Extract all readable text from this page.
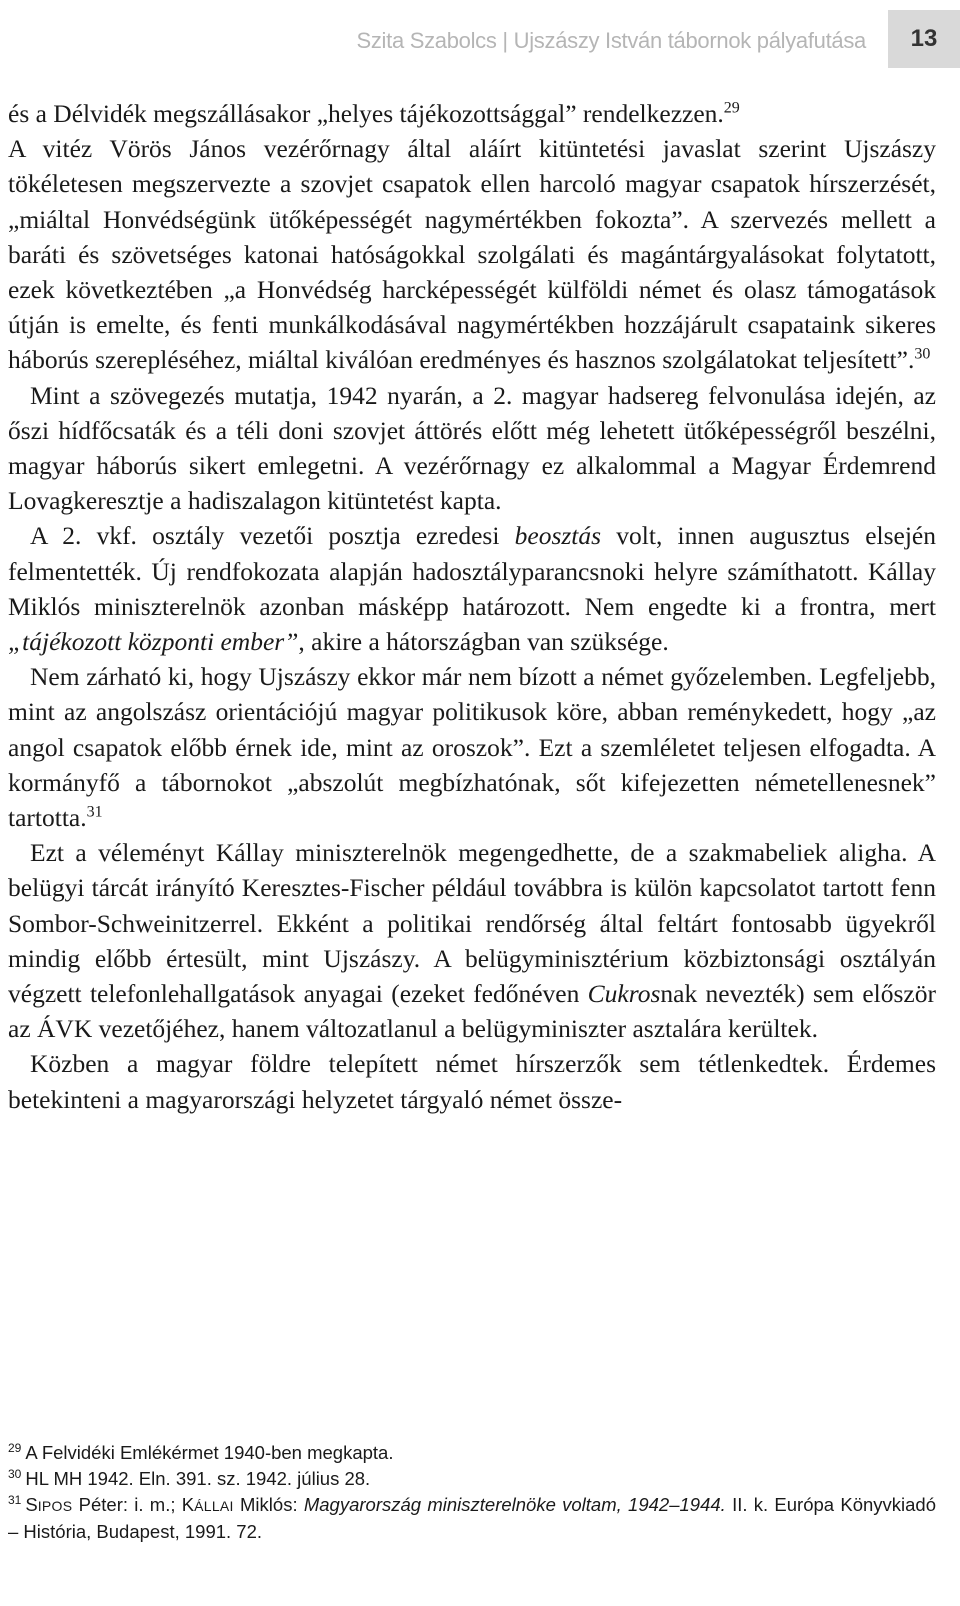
Szita Szabolcs | Ujszászy István tábornok pályafutása	13

és a Délvidék megszállásakor „helyes tájékozottsággal” rendelkezzen.$^{29}$
A vitéz Vörös János vezérőrnagy által aláírt kitüntetési javaslat szerint Ujszászy tökéletesen megszervezte a szovjet csapatok ellen harcoló magyar csapatok hírszerzését, „miáltal Honvédségünk ütőképességét nagymértékben fokozta”. A szervezés mellett a baráti és szövetséges katonai hatóságokkal szolgálati és magántárgyalásokat folytatott, ezek következtében „a Honvédség harcképességét külföldi német és olasz támogatások útján is emelte, és fenti munkálkodásával nagymértékben hozzájárult csapataink sikeres háborús szerepléséhez, miáltal kiválóan eredményes és hasznos szolgálatokat teljesített”.$^{30}$

Mint a szövegezés mutatja, 1942 nyarán, a 2. magyar hadsereg felvonulása idején, az őszi hídfőcsaták és a téli doni szovjet áttörés előtt még lehetett ütőképességről beszélni, magyar háborús sikert emlegetni. A vezérőrnagy ez alkalommal a Magyar Érdemrend Lovagkeresztje a hadiszalagon kitüntetést kapta.

A 2. vkf. osztály vezetői posztja ezredesi beosztás volt, innen augusztus elsején felmentették. Új rendfokozata alapján hadosztályparancsnoki helyre számíthatott. Kállay Miklós miniszterelnök azonban másképp határozott. Nem engedte ki a frontra, mert „tájékozott központi ember”, akire a hátországban van szüksége.

Nem zárható ki, hogy Ujszászy ekkor már nem bízott a német győzelemben. Legfeljebb, mint az angolszász orientációjú magyar politikusok köre, abban reménykedett, hogy „az angol csapatok előbb érnek ide, mint az oroszok”. Ezt a szemléletet teljesen elfogadta. A kormányfő a tábornokot „abszolút megbízhatónak, sőt kifejezetten németellenesnek” tartotta.$^{31}$

Ezt a véleményt Kállay miniszterelnök megengedhette, de a szakmabeliek aligha. A belügyi tárcát irányító Keresztes-Fischer például továbbra is külön kapcsolatot tartott fenn Sombor-Schweinitzerrel. Ekként a politikai rendőrség által feltárt fontosabb ügyekről mindig előbb értesült, mint Ujszászy. A belügyminisztérium közbiztonsági osztályán végzett telefonlehallgatások anyagai (ezeket fedőnéven Cukrosnak nevezték) sem először az ÁVK vezetőjéhez, hanem változatlanul a belügyminiszter asztalára kerültek.

Közben a magyar földre telepített német hírszerzők sem tétlenkedtek. Érdemes betekinteni a magyarországi helyzetet tárgyaló német össze-

$^{29}$ A Felvidéki Emlékérmet 1940-ben megkapta.

$^{30}$ HL MH 1942. Eln. 391. sz. 1942. július 28.

$^{31}$ SIPOS Péter: i. m.; KÁLLAI Miklós: Magyarország miniszterelnöke voltam, 1942–1944. II. k. Európa Könyvkiadó – História, Budapest, 1991. 72.
